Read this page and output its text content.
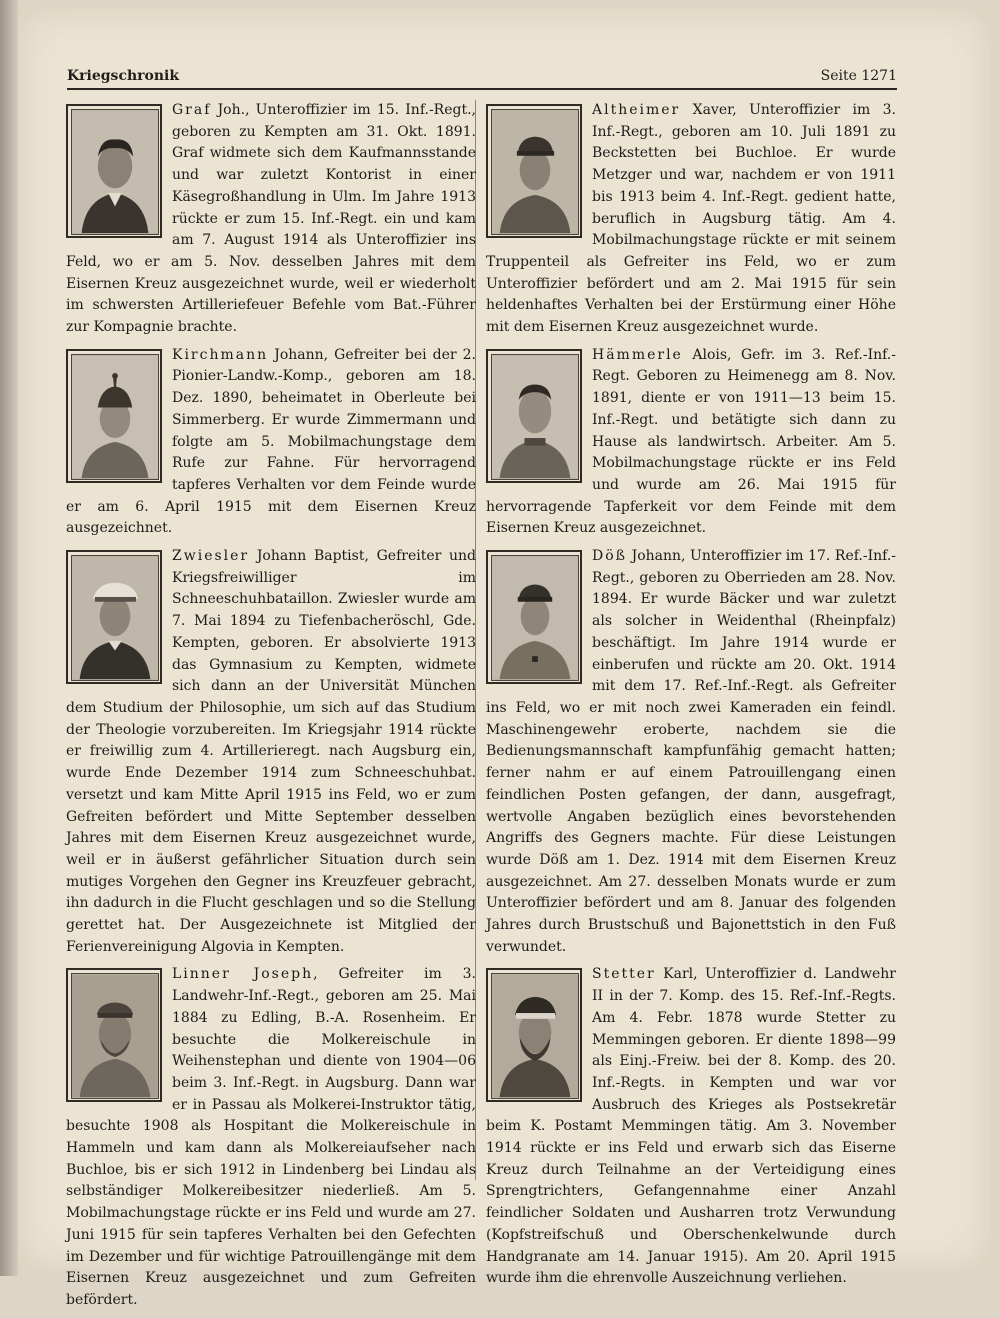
Kriegschronik	Seite 1271
Graf Joh., Unteroffizier im 15. Inf.-Regt., geboren zu Kempten am 31. Okt. 1891. Graf widmete sich dem Kaufmannsstande und war zuletzt Kontorist in einer Käsegroßhandlung in Ulm. Im Jahre 1913 rückte er zum 15. Inf.-Regt. ein und kam am 7. August 1914 als Unteroffizier ins Feld, wo er am 5. Nov. desselben Jahres mit dem Eisernen Kreuz ausgezeichnet wurde, weil er wiederholt im schwersten Artilleriefeuer Befehle vom Bat.-Führer zur Kompagnie brachte.
Kirchmann Johann, Gefreiter bei der 2. Pionier-Landw.-Komp., geboren am 18. Dez. 1890, beheimatet in Oberleute bei Simmerberg. Er wurde Zimmermann und folgte am 5. Mobilmachungstage dem Rufe zur Fahne. Für hervorragend tapferes Verhalten vor dem Feinde wurde er am 6. April 1915 mit dem Eisernen Kreuz ausgezeichnet.
Zwiesler Johann Baptist, Gefreiter und Kriegsfreiwilliger im Schneeschuhbataillon. Zwiesler wurde am 7. Mai 1894 zu Tiefenbacheröschl, Gde. Kempten, geboren. Er absolvierte 1913 das Gymnasium zu Kempten, widmete sich dann an der Universität München dem Studium der Philosophie, um sich auf das Studium der Theologie vorzubereiten. Im Kriegsjahr 1914 rückte er freiwillig zum 4. Artillerieregt. nach Augsburg ein, wurde Ende Dezember 1914 zum Schneeschuhbat. versetzt und kam Mitte April 1915 ins Feld, wo er zum Gefreiten befördert und Mitte September desselben Jahres mit dem Eisernen Kreuz ausgezeichnet wurde, weil er in äußerst gefährlicher Situation durch sein mutiges Vorgehen den Gegner ins Kreuzfeuer gebracht, ihn dadurch in die Flucht geschlagen und so die Stellung gerettet hat. Der Ausgezeichnete ist Mitglied der Ferienvereinigung Algovia in Kempten.
Linner Joseph, Gefreiter im 3. Landwehr-Inf.-Regt., geboren am 25. Mai 1884 zu Edling, B.-A. Rosenheim. Er besuchte die Molkereischule in Weihenstephan und diente von 1904—06 beim 3. Inf.-Regt. in Augsburg. Dann war er in Passau als Molkerei-Instruktor tätig, besuchte 1908 als Hospitant die Molkereischule in Hammeln und kam dann als Molkereiaufseher nach Buchloe, bis er sich 1912 in Lindenberg bei Lindau als selbständiger Molkereibesitzer niederließ. Am 5. Mobilmachungstage rückte er ins Feld und wurde am 27. Juni 1915 für sein tapferes Verhalten bei den Gefechten im Dezember und für wichtige Patrouillengänge mit dem Eisernen Kreuz ausgezeichnet und zum Gefreiten befördert.
Altheimer Xaver, Unteroffizier im 3. Inf.-Regt., geboren am 10. Juli 1891 zu Beckstetten bei Buchloe. Er wurde Metzger und war, nachdem er von 1911 bis 1913 beim 4. Inf.-Regt. gedient hatte, beruflich in Augsburg tätig. Am 4. Mobilmachungstage rückte er mit seinem Truppenteil als Gefreiter ins Feld, wo er zum Unteroffizier befördert und am 2. Mai 1915 für sein heldenhaftes Verhalten bei der Erstürmung einer Höhe mit dem Eisernen Kreuz ausgezeichnet wurde.
Hämmerle Alois, Gefr. im 3. Ref.-Inf.-Regt. Geboren zu Heimenegg am 8. Nov. 1891, diente er von 1911—13 beim 15. Inf.-Regt. und betätigte sich dann zu Hause als landwirtsch. Arbeiter. Am 5. Mobilmachungstage rückte er ins Feld und wurde am 26. Mai 1915 für hervorragende Tapferkeit vor dem Feinde mit dem Eisernen Kreuz ausgezeichnet.
Döß Johann, Unteroffizier im 17. Ref.-Inf.-Regt., geboren zu Oberrieden am 28. Nov. 1894. Er wurde Bäcker und war zuletzt als solcher in Weidenthal (Rheinpfalz) beschäftigt. Im Jahre 1914 wurde er einberufen und rückte am 20. Okt. 1914 mit dem 17. Ref.-Inf.-Regt. als Gefreiter ins Feld, wo er mit noch zwei Kameraden ein feindl. Maschinengewehr eroberte, nachdem sie die Bedienungsmannschaft kampfunfähig gemacht hatten; ferner nahm er auf einem Patrouillengang einen feindlichen Posten gefangen, der dann, ausgefragt, wertvolle Angaben bezüglich eines bevorstehenden Angriffs des Gegners machte. Für diese Leistungen wurde Döß am 1. Dez. 1914 mit dem Eisernen Kreuz ausgezeichnet. Am 27. desselben Monats wurde er zum Unteroffizier befördert und am 8. Januar des folgenden Jahres durch Brustschuß und Bajonettstich in den Fuß verwundet.
Stetter Karl, Unteroffizier d. Landwehr II in der 7. Komp. des 15. Ref.-Inf.-Regts. Am 4. Febr. 1878 wurde Stetter zu Memmingen geboren. Er diente 1898—99 als Einj.-Freiw. bei der 8. Komp. des 20. Inf.-Regts. in Kempten und war vor Ausbruch des Krieges als Postsekretär beim K. Postamt Memmingen tätig. Am 3. November 1914 rückte er ins Feld und erwarb sich das Eiserne Kreuz durch Teilnahme an der Verteidigung eines Sprengtrichters, Gefangennahme einer Anzahl feindlicher Soldaten und Ausharren trotz Verwundung (Kopfstreifschuß und Oberschenkelwunde durch Handgranate am 14. Januar 1915). Am 20. April 1915 wurde ihm die ehrenvolle Auszeichnung verliehen.
